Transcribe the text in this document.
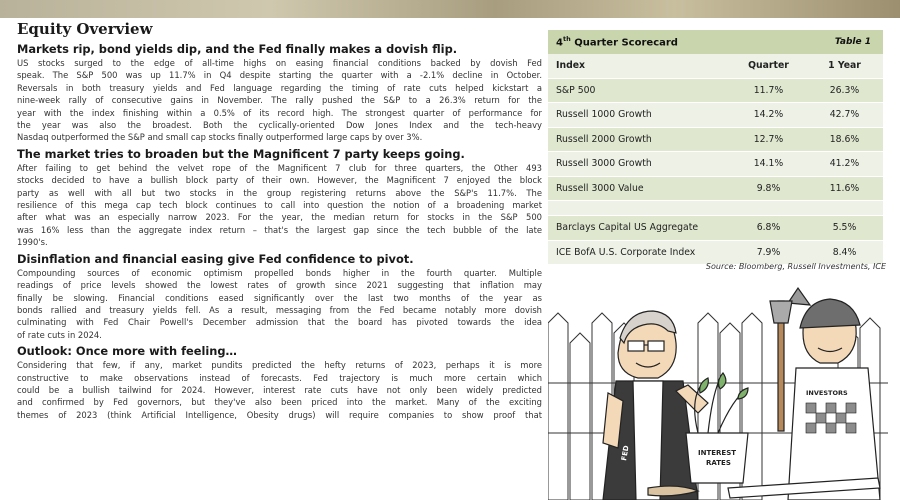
Equity Overview
Markets rip, bond yields dip, and the Fed finally makes a dovish flip.
US stocks surged to the edge of all-time highs on easing financial conditions backed by dovish Fed
speak. The S&P 500 was up 11.7% in Q4 despite starting the quarter with a -2.1% decline in October.
Reversals in both treasury yields and Fed language regarding the timing of rate cuts helped kickstart a
nine-week rally of consecutive gains in November. The rally pushed the S&P to a 26.3% return for the
year with the index finishing within a 0.5% of its record high. The strongest quarter of performance for
the year was also the broadest. Both the cyclically-oriented Dow Jones Index and the tech-heavy
Nasdaq outperformed the S&P and small cap stocks finally outperformed large caps by over 3%.
The market tries to broaden but the Magnificent 7 party keeps going.
After failing to get behind the velvet rope of the Magnificent 7 club for three quarters, the Other 493
stocks decided to have a bullish block party of their own. However, the Magnificent 7 enjoyed the block
party as well with all but two stocks in the group registering returns above the S&P's 11.7%. The
resilience of this mega cap tech block continues to call into question the notion of a broadening market
after what was an especially narrow 2023. For the year, the median return for stocks in the S&P 500
was 16% less than the aggregate index return – that's the largest gap since the tech bubble of the late
1990's.
Disinflation and financial easing give Fed confidence to pivot.
Compounding sources of economic optimism propelled bonds higher in the fourth quarter. Multiple
readings of price levels showed the lowest rates of growth since 2021 suggesting that inflation may
finally be slowing. Financial conditions eased significantly over the last two months of the year as
bonds rallied and treasury yields fell. As a result, messaging from the Fed became notably more dovish
culminating with Fed Chair Powell's December admission that the board has pivoted towards the idea
of rate cuts in 2024.
Outlook: Once more with feeling…
Considering that few, if any, market pundits predicted the hefty returns of 2023, perhaps it is more
constructive to make observations instead of forecasts. Fed trajectory is much more certain which
could be a bullish tailwind for 2024. However, interest rate cuts have not only been widely predicted
and confirmed by Fed governors, but they've also been priced into the market. Many of the exciting
themes of 2023 (think Artificial Intelligence, Obesity drugs) will require companies to show proof that
4th Quarter Scorecard	Table 1
Index	Quarter	1 Year
S&P 500	11.7%	26.3%
Russell 1000 Growth	14.2%	42.7%
Russell 2000 Growth	12.7%	18.6%
Russell 3000 Growth	14.1%	41.2%
Russell 3000 Value	9.8%	11.6%
Barclays Capital US Aggregate	6.8%	5.5%
ICE BofA U.S. Corporate Index	7.9%	8.4%
Source: Bloomberg, Russell Investments, ICE
FED	INTEREST
RATES
INVESTORS
